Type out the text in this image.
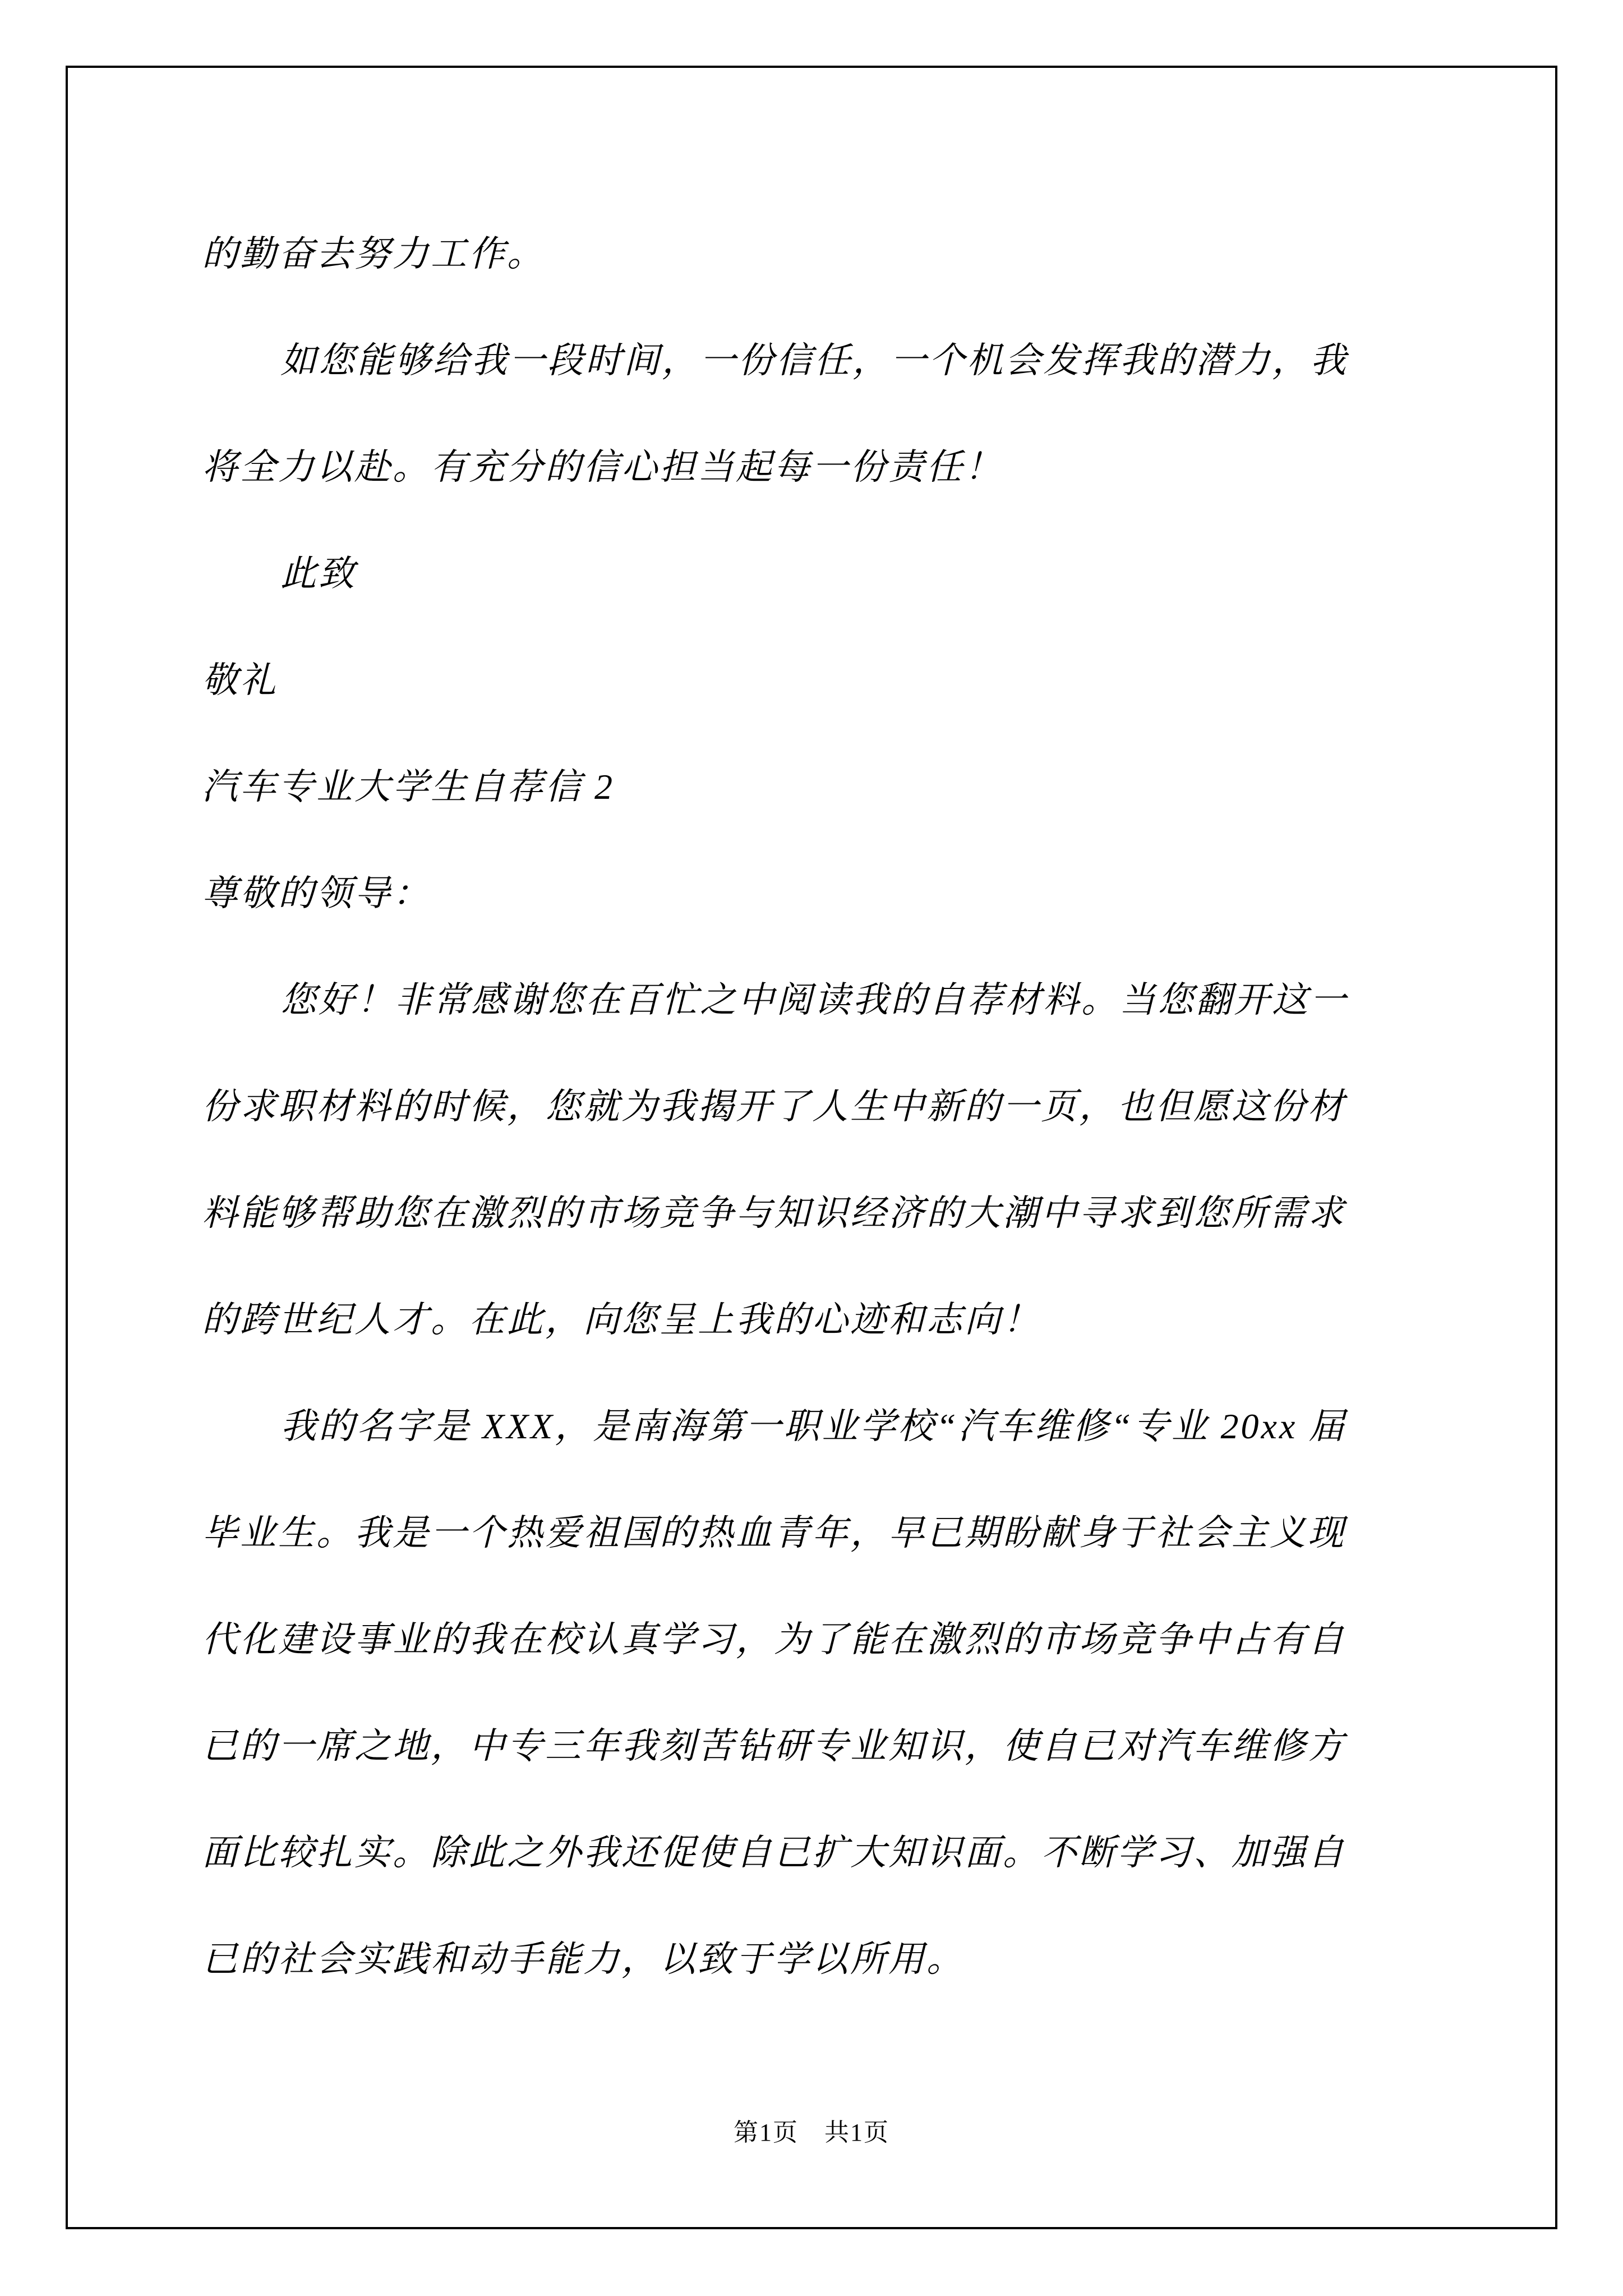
的勤奋去努力工作。
如您能够给我一段时间，一份信任，一个机会发挥我的潜力，我
将全力以赴。有充分的信心担当起每一份责任！
此致
敬礼
汽车专业大学生自荐信 2
尊敬的领导：
您好！非常感谢您在百忙之中阅读我的自荐材料。当您翻开这一
份求职材料的时候，您就为我揭开了人生中新的一页，也但愿这份材
料能够帮助您在激烈的市场竞争与知识经济的大潮中寻求到您所需求
的跨世纪人才。在此，向您呈上我的心迹和志向！
我的名字是 XXX，是南海第一职业学校“汽车维修“专业 20xx 届
毕业生。我是一个热爱祖国的热血青年，早已期盼献身于社会主义现
代化建设事业的我在校认真学习，为了能在激烈的市场竞争中占有自
已的一席之地，中专三年我刻苦钻研专业知识，使自已对汽车维修方
面比较扎实。除此之外我还促使自已扩大知识面。不断学习、加强自
已的社会实践和动手能力，以致于学以所用。
第1页　共1页
